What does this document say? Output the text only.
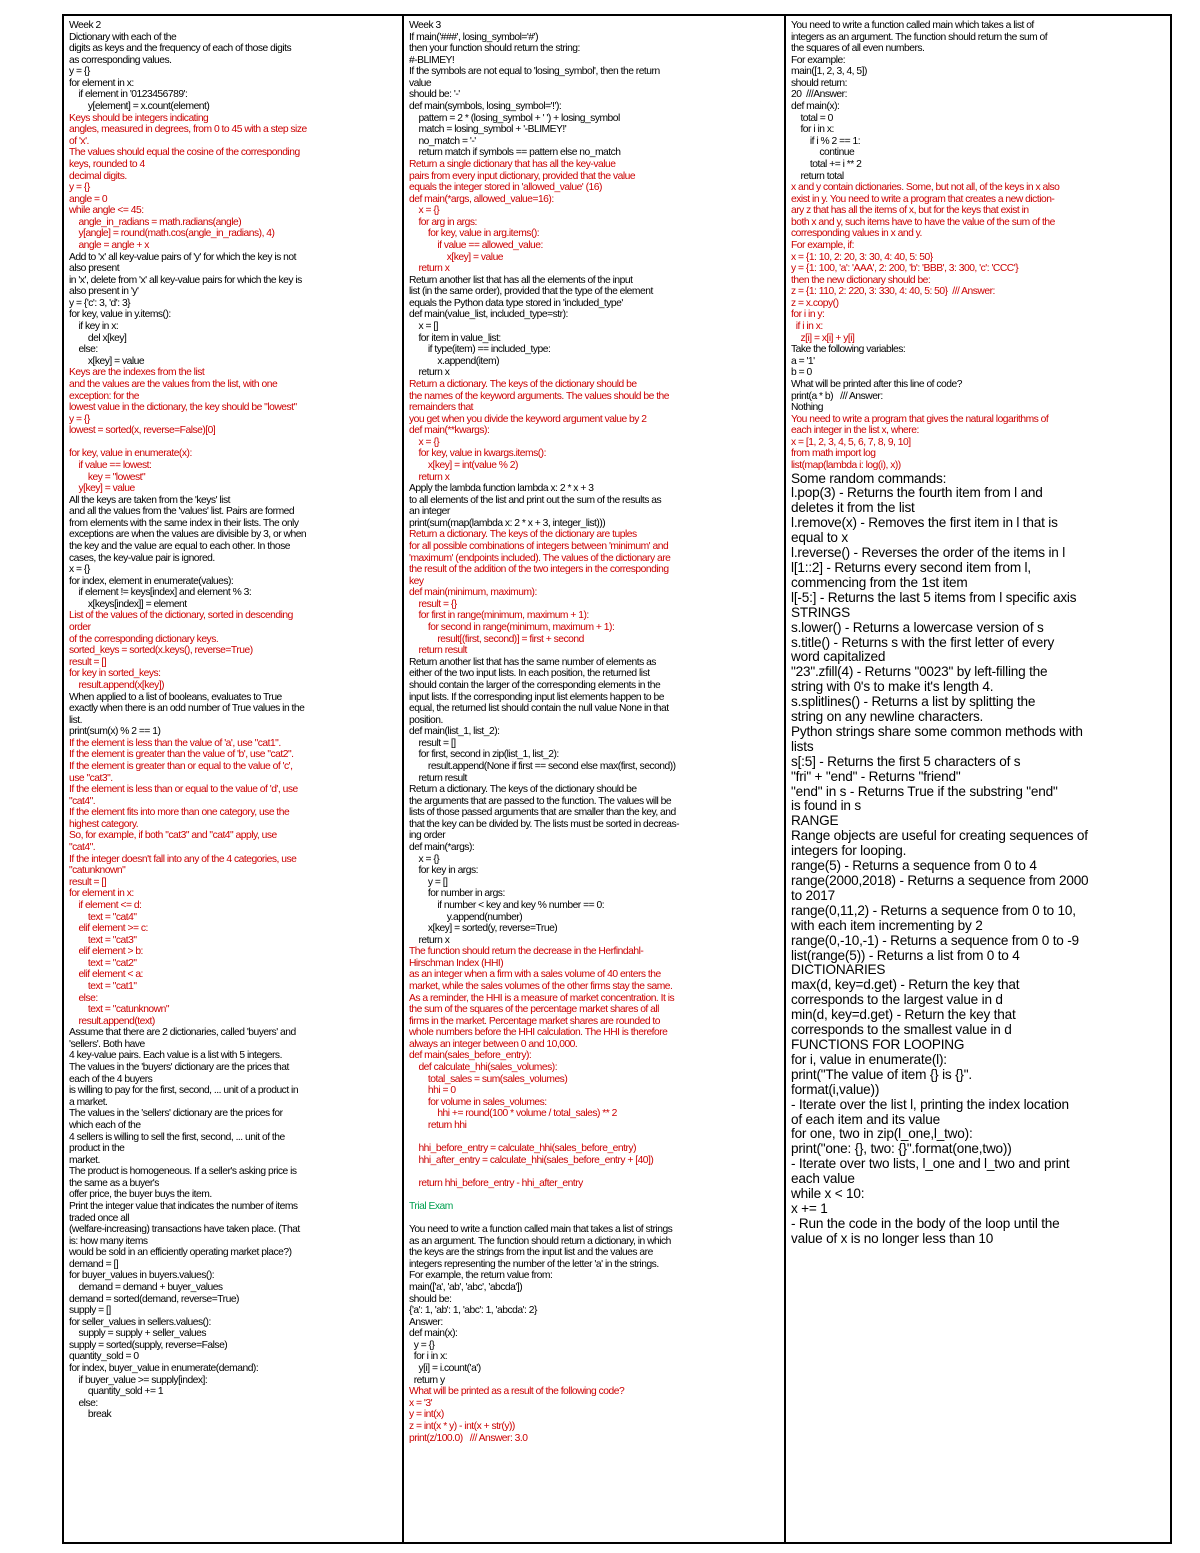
Week 2
Dictionary with each of the
digits as keys and the frequency of each of those digits
as corresponding values.
y = {}
for element in x:
if element in '0123456789':
y[element] = x.count(element)
Keys should be integers indicating
angles, measured in degrees, from 0 to 45 with a step size
of 'x'.
The values should equal the cosine of the corresponding
keys, rounded to 4
decimal digits.
y = {}
angle = 0
while angle <= 45:
angle_in_radians = math.radians(angle)
y[angle] = round(math.cos(angle_in_radians), 4)
angle = angle + x
Add to 'x' all key-value pairs of 'y' for which the key is not
also present
in 'x', delete from 'x' all key-value pairs for which the key is
also present in 'y'
y = {'c': 3, 'd': 3}
for key, value in y.items():
if key in x:
del x[key]
else:
x[key] = value
Keys are the indexes from the list
and the values are the values from the list, with one
exception: for the
lowest value in the dictionary, the key should be "lowest"
y = {}
lowest = sorted(x, reverse=False)[0]

for key, value in enumerate(x):
if value == lowest:
key = "lowest"
y[key] = value
All the keys are taken from the 'keys' list
and all the values from the 'values' list. Pairs are formed
from elements with the same index in their lists. The only
exceptions are when the values are divisible by 3, or when
the key and the value are equal to each other. In those
cases, the key-value pair is ignored.
x = {}
for index, element in enumerate(values):
if element != keys[index] and element % 3:
x[keys[index]] = element
List of the values of the dictionary, sorted in descending
order
of the corresponding dictionary keys.
sorted_keys = sorted(x.keys(), reverse=True)
result = []
for key in sorted_keys:
result.append(x[key])
When applied to a list of booleans, evaluates to True
exactly when there is an odd number of True values in the
list.
print(sum(x) % 2 == 1)
If the element is less than the value of 'a', use "cat1".
If the element is greater than the value of 'b', use "cat2".
If the element is greater than or equal to the value of 'c',
use "cat3".
If the element is less than or equal to the value of 'd', use
"cat4".
If the element fits into more than one category, use the
highest category.
So, for example, if both "cat3" and "cat4" apply, use
"cat4".
If the integer doesn't fall into any of the 4 categories, use
"catunknown"
result = []
for element in x:
if element <= d:
text = "cat4"
elif element >= c:
text = "cat3"
elif element > b:
text = "cat2"
elif element < a:
text = "cat1"
else:
text = "catunknown"
result.append(text)
Assume that there are 2 dictionaries, called 'buyers' and
'sellers'. Both have
4 key-value pairs. Each value is a list with 5 integers.
The values in the 'buyers' dictionary are the prices that
each of the 4 buyers
is willing to pay for the first, second, ... unit of a product in
a market.
The values in the 'sellers' dictionary are the prices for
which each of the
4 sellers is willing to sell the first, second, ... unit of the
product in the
market.
The product is homogeneous. If a seller's asking price is
the same as a buyer's
offer price, the buyer buys the item.
Print the integer value that indicates the number of items
traded once all
(welfare-increasing) transactions have taken place. (That
is: how many items
would be sold in an efficiently operating market place?)
demand = []
for buyer_values in buyers.values():
demand = demand + buyer_values
demand = sorted(demand, reverse=True)
supply = []
for seller_values in sellers.values():
supply = supply + seller_values
supply = sorted(supply, reverse=False)
quantity_sold = 0
for index, buyer_value in enumerate(demand):
if buyer_value >= supply[index]:
quantity_sold += 1
else:
break
Week 3
If main('###', losing_symbol='#')
then your function should return the string:
#-BLIMEY!
If the symbols are not equal to 'losing_symbol', then the return
value
should be: '-'
def main(symbols, losing_symbol='!'):
pattern = 2 * (losing_symbol + ' ') + losing_symbol
match = losing_symbol + '-BLIMEY!'
no_match = '-'
return match if symbols == pattern else no_match
Return a single dictionary that has all the key-value
pairs from every input dictionary, provided that the value
equals the integer stored in 'allowed_value' (16)
def main(*args, allowed_value=16):
x = {}
for arg in args:
for key, value in arg.items():
if value == allowed_value:
x[key] = value
return x
Return another list that has all the elements of the input
list (in the same order), provided that the type of the element
equals the Python data type stored in 'included_type'
def main(value_list, included_type=str):
x = []
for item in value_list:
if type(item) == included_type:
x.append(item)
return x
Return a dictionary. The keys of the dictionary should be
the names of the keyword arguments. The values should be the
remainders that
you get when you divide the keyword argument value by 2
def main(**kwargs):
x = {}
for key, value in kwargs.items():
x[key] = int(value % 2)
return x
Apply the lambda function lambda x: 2 * x + 3
to all elements of the list and print out the sum of the results as
an integer
print(sum(map(lambda x: 2 * x + 3, integer_list)))
Return a dictionary. The keys of the dictionary are tuples
for all possible combinations of integers between 'minimum' and
'maximum' (endpoints included). The values of the dictionary are
the result of the addition of the two integers in the corresponding
key
def main(minimum, maximum):
result = {}
for first in range(minimum, maximum + 1):
for second in range(minimum, maximum + 1):
result[(first, second)] = first + second
return result
Return another list that has the same number of elements as
either of the two input lists. In each position, the returned list
should contain the larger of the corresponding elements in the
input lists. If the corresponding input list elements happen to be
equal, the returned list should contain the null value None in that
position.
def main(list_1, list_2):
result = []
for first, second in zip(list_1, list_2):
result.append(None if first == second else max(first, second))
return result
Return a dictionary. The keys of the dictionary should be
the arguments that are passed to the function. The values will be
lists of those passed arguments that are smaller than the key, and
that the key can be divided by. The lists must be sorted in decreas-
ing order
def main(*args):
x = {}
for key in args:
y = []
for number in args:
if number < key and key % number == 0:
y.append(number)
x[key] = sorted(y, reverse=True)
return x
The function should return the decrease in the Herfindahl-
Hirschman Index (HHI)
as an integer when a firm with a sales volume of 40 enters the
market, while the sales volumes of the other firms stay the same.
As a reminder, the HHI is a measure of market concentration. It is
the sum of the squares of the percentage market shares of all
firms in the market. Percentage market shares are rounded to
whole numbers before the HHI calculation. The HHI is therefore
always an integer between 0 and 10,000.
def main(sales_before_entry):
def calculate_hhi(sales_volumes):
total_sales = sum(sales_volumes)
hhi = 0
for volume in sales_volumes:
hhi += round(100 * volume / total_sales) ** 2
return hhi

hhi_before_entry = calculate_hhi(sales_before_entry)
hhi_after_entry = calculate_hhi(sales_before_entry + [40])

return hhi_before_entry - hhi_after_entry

Trial Exam

You need to write a function called main that takes a list of strings
as an argument. The function should return a dictionary, in which
the keys are the strings from the input list and the values are
integers representing the number of the letter 'a' in the strings.
For example, the return value from:
main(['a', 'ab', 'abc', 'abcda'])
should be:
{'a': 1, 'ab': 1, 'abc': 1, 'abcda': 2}
Answer:
def main(x):
y = {}
for i in x:
y[i] = i.count('a')
return y
What will be printed as a result of the following code?
x = '3'
y = int(x)
z = int(x * y) - int(x + str(y))
print(z/100.0)   /// Answer: 3.0
You need to write a function called main which takes a list of
integers as an argument. The function should return the sum of
the squares of all even numbers.
For example:
main([1, 2, 3, 4, 5])
should return:
20  ///Answer:
def main(x):
total = 0
for i in x:
if i % 2 == 1:
continue
total += i ** 2
return total
x and y contain dictionaries. Some, but not all, of the keys in x also
exist in y. You need to write a program that creates a new diction-
ary z that has all the items of x, but for the keys that exist in
both x and y, such items have to have the value of the sum of the
corresponding values in x and y.
For example, if:
x = {1: 10, 2: 20, 3: 30, 4: 40, 5: 50}
y = {1: 100, 'a': 'AAA', 2: 200, 'b': 'BBB', 3: 300, 'c': 'CCC'}
then the new dictionary should be:
z = {1: 110, 2: 220, 3: 330, 4: 40, 5: 50}  /// Answer:
z = x.copy()
for i in y:
if i in x:
z[i] = x[i] + y[i]
Take the following variables:
a = '1'
b = 0
What will be printed after this line of code?
print(a * b)   /// Answer:
Nothing
You need to write a program that gives the natural logarithms of
each integer in the list x, where:
x = [1, 2, 3, 4, 5, 6, 7, 8, 9, 10]
from math import log
list(map(lambda i: log(i), x))
Some random commands:
l.pop(3) - Returns the fourth item from l and
deletes it from the list
l.remove(x) - Removes the first item in l that is
equal to x
l.reverse() - Reverses the order of the items in l
l[1::2] - Returns every second item from l,
commencing from the 1st item
l[-5:] - Returns the last 5 items from l specific axis
STRINGS
s.lower() - Returns a lowercase version of s
s.title() - Returns s with the first letter of every
word capitalized
"23".zfill(4) - Returns "0023" by left-filling the
string with 0's to make it's length 4.
s.splitlines() - Returns a list by splitting the
string on any newline characters.
Python strings share some common methods with
lists
s[:5] - Returns the first 5 characters of s
"fri" + "end" - Returns "friend"
"end" in s - Returns True if the substring "end"
is found in s
RANGE
Range objects are useful for creating sequences of
integers for looping.
range(5) - Returns a sequence from 0 to 4
range(2000,2018) - Returns a sequence from 2000
to 2017
range(0,11,2) - Returns a sequence from 0 to 10,
with each item incrementing by 2
range(0,-10,-1) - Returns a sequence from 0 to -9
list(range(5)) - Returns a list from 0 to 4
DICTIONARIES
max(d, key=d.get) - Return the key that
corresponds to the largest value in d
min(d, key=d.get) - Return the key that
corresponds to the smallest value in d
FUNCTIONS FOR LOOPING
for i, value in enumerate(l):
print("The value of item {} is {}".
format(i,value))
- Iterate over the list l, printing the index location
of each item and its value
for one, two in zip(l_one,l_two):
print("one: {}, two: {}".format(one,two))
- Iterate over two lists, l_one and l_two and print
each value
while x < 10:
x += 1
- Run the code in the body of the loop until the
value of x is no longer less than 10
